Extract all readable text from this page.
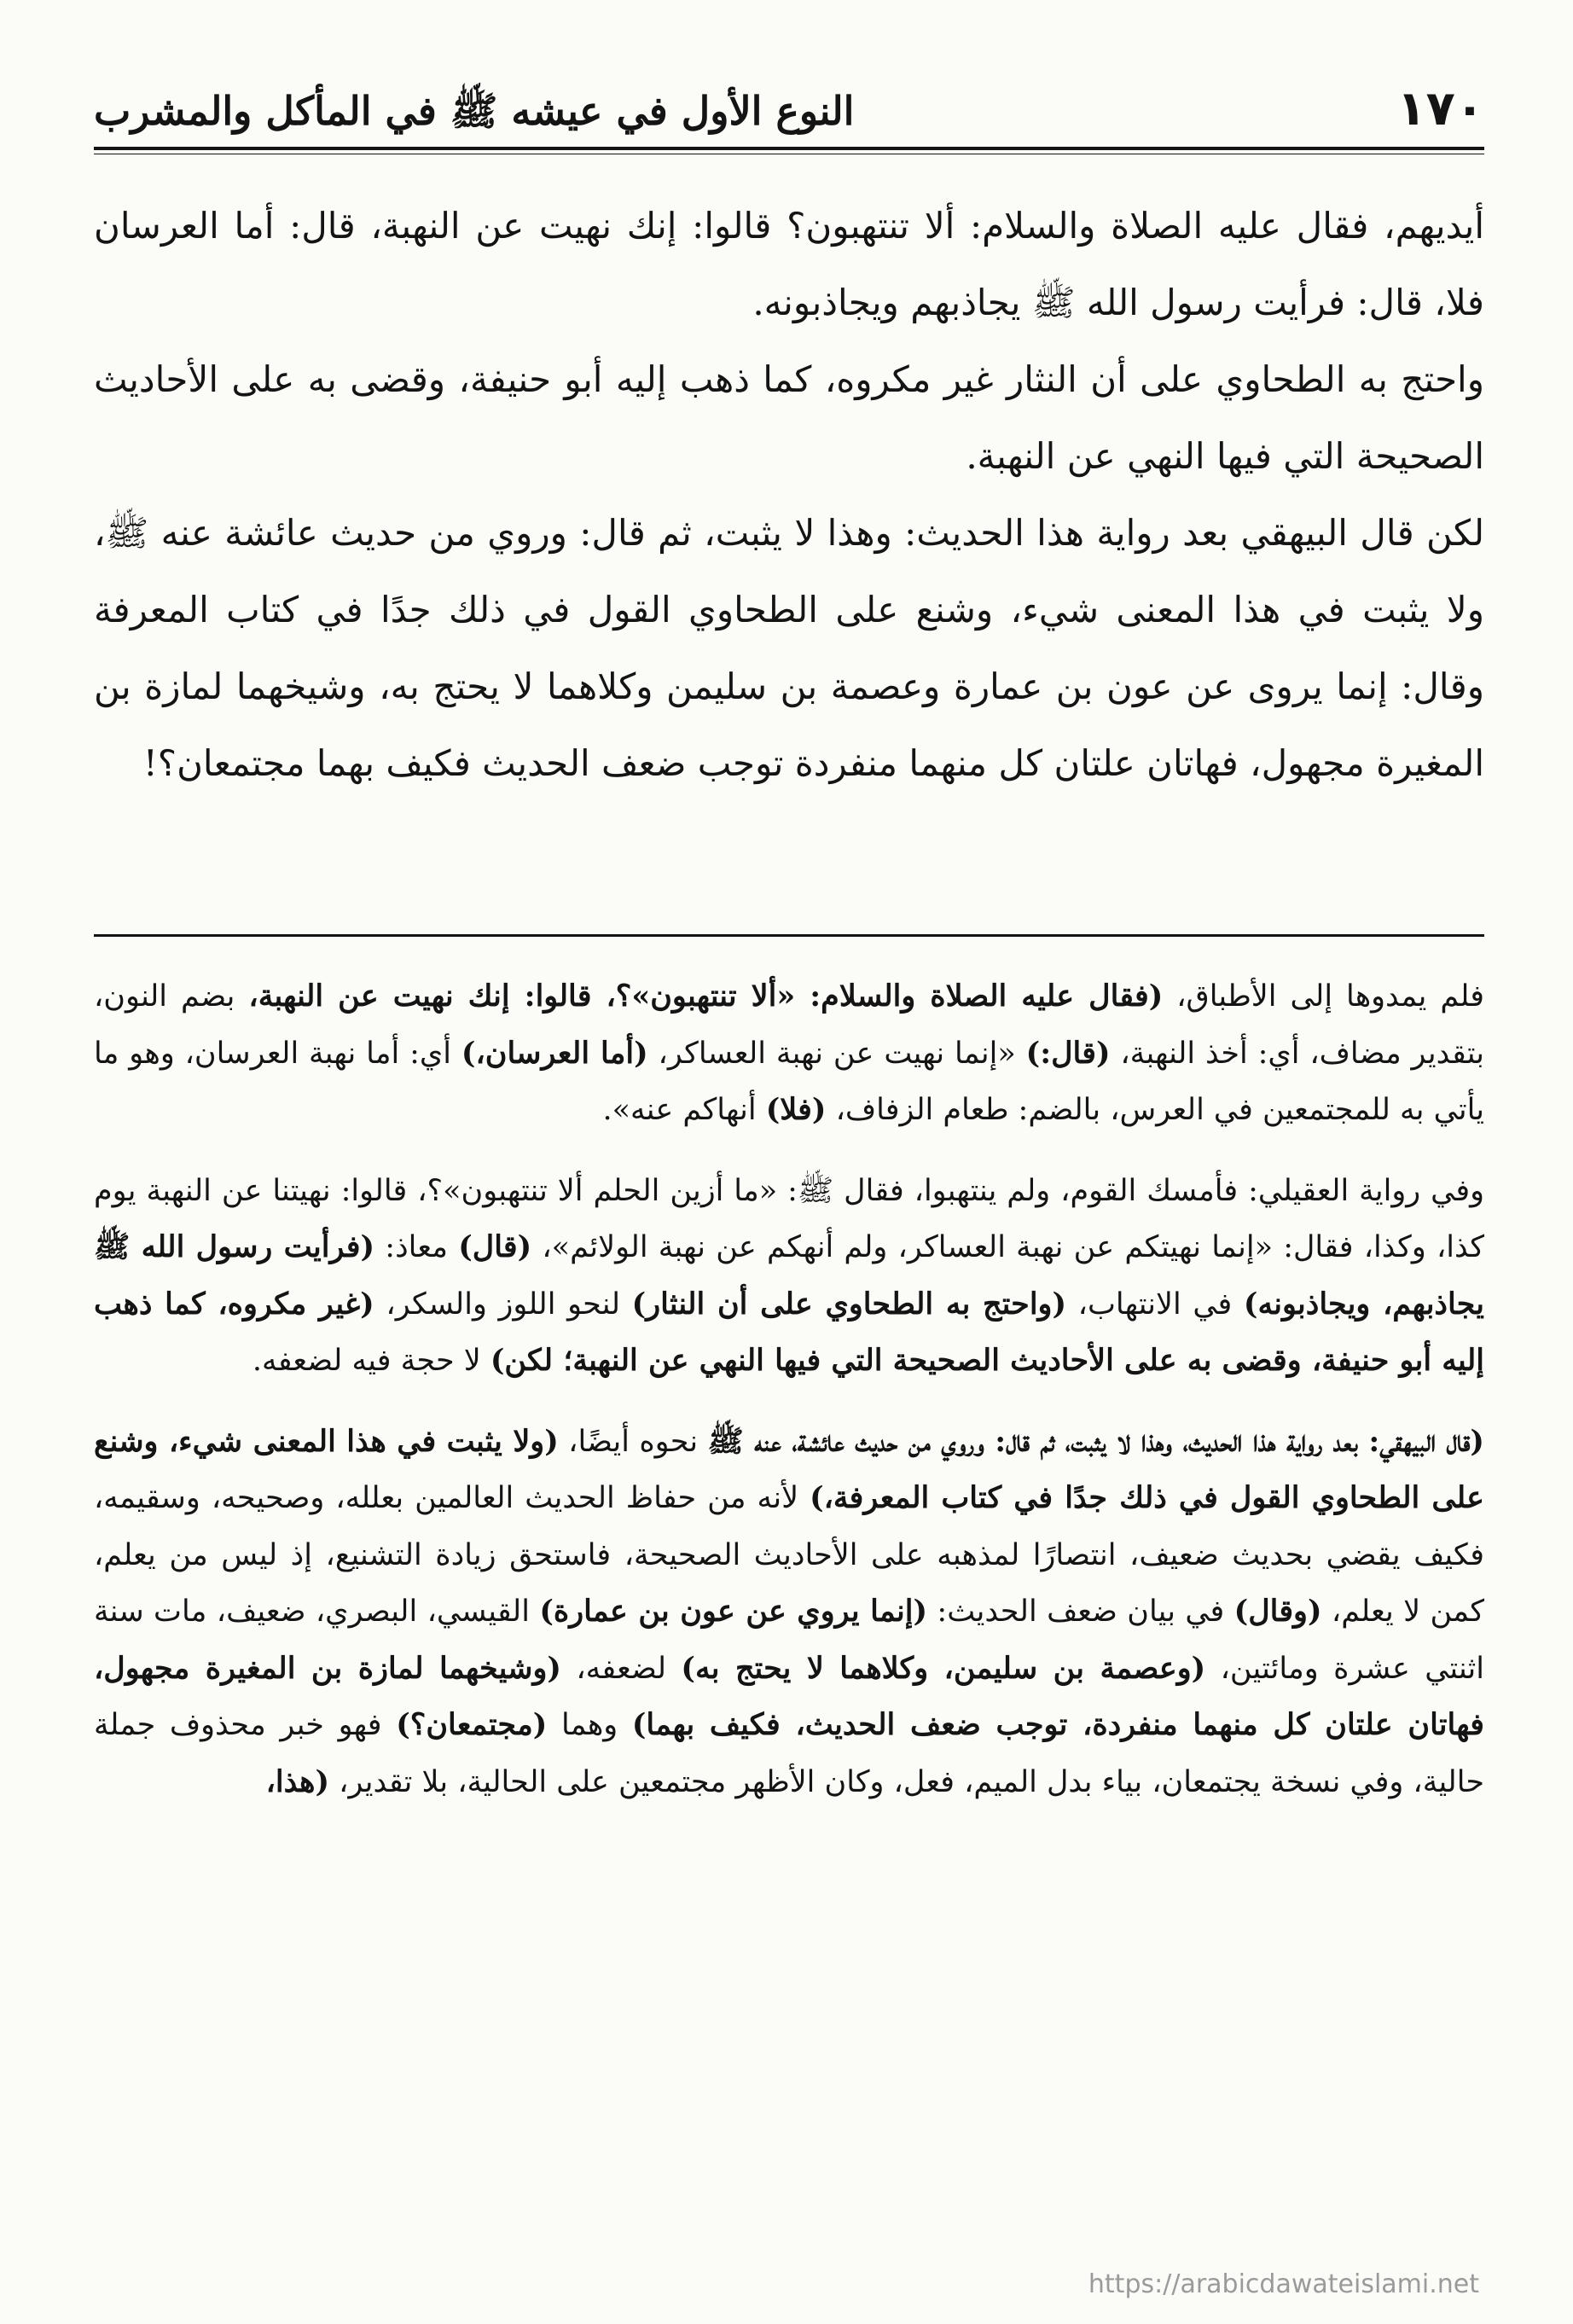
١٧٠
النوع الأول في عيشه ﷺ في المأكل والمشرب

أيديهم، فقال عليه الصلاة والسلام: ألا تنتهبون؟ قالوا: إنك نهيت عن النهبة، قال: أما العرسان فلا، قال: فرأيت رسول الله ﷺ يجاذبهم ويجاذبونه.

واحتج به الطحاوي على أن النثار غير مكروه، كما ذهب إليه أبو حنيفة، وقضى به على الأحاديث الصحيحة التي فيها النهي عن النهبة.

لكن قال البيهقي بعد رواية هذا الحديث: وهذا لا يثبت، ثم قال: وروي من حديث عائشة عنه ﷺ، ولا يثبت في هذا المعنى شيء، وشنع على الطحاوي القول في ذلك جدًا في كتاب المعرفة وقال: إنما يروى عن عون بن عمارة وعصمة بن سليمن وكلاهما لا يحتج به، وشيخهما لمازة بن المغيرة مجهول، فهاتان علتان كل منهما منفردة توجب ضعف الحديث فكيف بهما مجتمعان؟!

فلم يمدوها إلى الأطباق، (فقال عليه الصلاة والسلام: «ألا تنتهبون»؟، قالوا: إنك نهيت عن النهبة، بضم النون، بتقدير مضاف، أي: أخذ النهبة، (قال:) «إنما نهيت عن نهبة العساكر، (أما العرسان،) أي: أما نهبة العرسان، وهو ما يأتي به للمجتمعين في العرس، بالضم: طعام الزفاف، (فلا) أنهاكم عنه».

وفي رواية العقيلي: فأمسك القوم، ولم ينتهبوا، فقال ﷺ: «ما أزين الحلم ألا تنتهبون»؟، قالوا: نهيتنا عن النهبة يوم كذا، وكذا، فقال: «إنما نهيتكم عن نهبة العساكر، ولم أنهكم عن نهبة الولائم»، (قال) معاذ: (فرأيت رسول الله ﷺ يجاذبهم، ويجاذبونه) في الانتهاب، (واحتج به الطحاوي على أن النثار) لنحو اللوز والسكر، (غير مكروه، كما ذهب إليه أبو حنيفة، وقضى به على الأحاديث الصحيحة التي فيها النهي عن النهبة؛ لكن) لا حجة فيه لضعفه.

(قال البيهقي: بعد رواية هذا الحديث، وهذا لا يثبت، ثم قال: وروي من حديث عائشة، عنه ﷺ نحوه أيضًا، (ولا يثبت في هذا المعنى شيء، وشنع على الطحاوي القول في ذلك جدًا في كتاب المعرفة،) لأنه من حفاظ الحديث العالمين بعلله، وصحيحه، وسقيمه، فكيف يقضي بحديث ضعيف، انتصارًا لمذهبه على الأحاديث الصحيحة، فاستحق زيادة التشنيع، إذ ليس من يعلم، كمن لا يعلم، (وقال) في بيان ضعف الحديث: (إنما يروي عن عون بن عمارة) القيسي، البصري، ضعيف، مات سنة اثنتي عشرة ومائتين، (وعصمة بن سليمن، وكلاهما لا يحتج به) لضعفه، (وشيخهما لمازة بن المغيرة مجهول، فهاتان علتان كل منهما منفردة، توجب ضعف الحديث، فكيف بهما) وهما (مجتمعان؟) فهو خبر محذوف جملة حالية، وفي نسخة يجتمعان، بياء بدل الميم، فعل، وكان الأظهر مجتمعين على الحالية، بلا تقدير، (هذا،

https://arabicdawateislami.net
